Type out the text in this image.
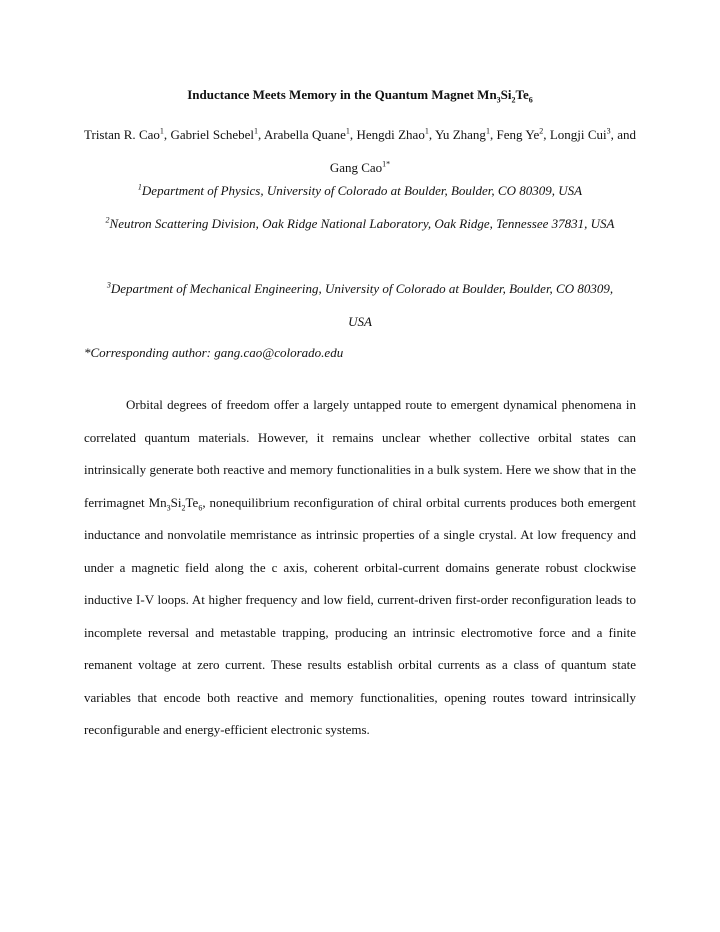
Inductance Meets Memory in the Quantum Magnet $Mn_3Si_2Te_6$
Tristan R. Cao$^1$, Gabriel Schebel$^1$, Arabella Quane$^1$, Hengdi Zhao$^1$, Yu Zhang$^1$, Feng Ye$^2$, Longji Cui$^3$, and Gang Cao$^{1*}$
$^1$Department of Physics, University of Colorado at Boulder, Boulder, CO 80309, USA
$^2$Neutron Scattering Division, Oak Ridge National Laboratory, Oak Ridge, Tennessee 37831, USA
$^3$Department of Mechanical Engineering, University of Colorado at Boulder, Boulder, CO 80309, USA
*Corresponding author: gang.cao@colorado.edu
Orbital degrees of freedom offer a largely untapped route to emergent dynamical phenomena in correlated quantum materials. However, it remains unclear whether collective orbital states can intrinsically generate both reactive and memory functionalities in a bulk system. Here we show that in the ferrimagnet $Mn_3Si_2Te_6$, nonequilibrium reconfiguration of chiral orbital currents produces both emergent inductance and nonvolatile memristance as intrinsic properties of a single crystal. At low frequency and under a magnetic field along the c axis, coherent orbital-current domains generate robust clockwise inductive I-V loops. At higher frequency and low field, current-driven first-order reconfiguration leads to incomplete reversal and metastable trapping, producing an intrinsic electromotive force and a finite remanent voltage at zero current. These results establish orbital currents as a class of quantum state variables that encode both reactive and memory functionalities, opening routes toward intrinsically reconfigurable and energy-efficient electronic systems.
